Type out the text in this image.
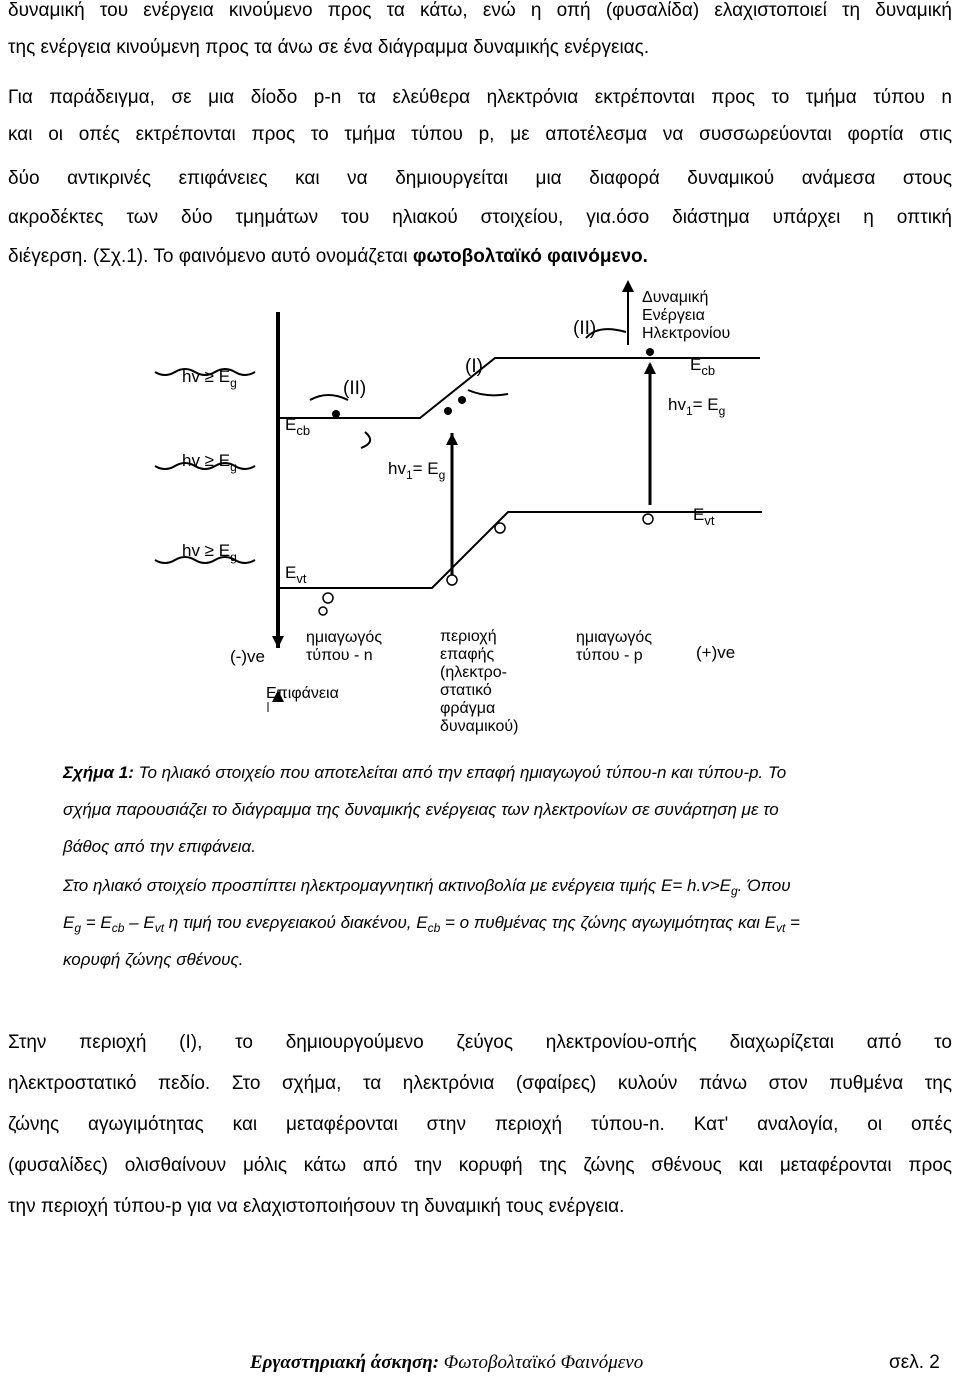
δυναμική του ενέργεια κινούμενο προς τα κάτω, ενώ η οπή (φυσαλίδα) ελαχιστοποιεί τη δυναμική
της ενέργεια κινούμενη προς τα άνω σε ένα διάγραμμα δυναμικής ενέργειας.
Για παράδειγμα, σε μια δίοδο p-n τα ελεύθερα ηλεκτρόνια εκτρέπονται προς το τμήμα τύπου n
και οι οπές εκτρέπονται προς το τμήμα τύπου p, με αποτέλεσμα να συσσωρεύονται φορτία στις
δύο αντικρινές επιφάνειες και να δημιουργείται μια διαφορά δυναμικού ανάμεσα στους
ακροδέκτες των δύο τμημάτων του ηλιακού στοιχείου, για.όσο διάστημα υπάρχει η οπτική
διέγερση. (Σχ.1). Το φαινόμενο αυτό ονομάζεται φωτοβολταϊκό φαινόμενο.
hv ≥ $E_g$
hv ≥ $E_g$
hv ≥ $E_g$
(II)
(I)
(II)
$E_{cb}$
$E_{cb}$
$E_{vt}$
$E_{vt}$
$hv_1= E_g$
$hv_1= E_g$
Δυναμική
Ενέργεια
Ηλεκτρονίου
(-)ve	(+)ve
ημιαγωγός
τύπου - n
ημιαγωγός
τύπου - p
περιοχή
επαφής
(ηλεκτρο-
στατικό
φράγμα
δυναμικού)
Επιφάνεια
Σχήμα 1: Το ηλιακό στοιχείο που αποτελείται από την επαφή ημιαγωγού τύπου-n και τύπου-p. Το
σχήμα παρουσιάζει το διάγραμμα της δυναμικής ενέργειας των ηλεκτρονίων σε συνάρτηση με το
βάθος από την επιφάνεια.
Στο ηλιακό στοιχείο προσπίπτει ηλεκτρομαγνητική ακτινοβολία με ενέργεια τιμής $E= h.v>E_g$. Όπου
$E_g = E_{cb} - E_{vt}$ η τιμή του ενεργειακού διακένου, $E_{cb} = o$ πυθμένας της ζώνης αγωγιμότητας και $E_{vt}$ =
κορυφή ζώνης σθένους.
Στην περιοχή (I), το δημιουργούμενο ζεύγος ηλεκτρονίου-οπής διαχωρίζεται από το
ηλεκτροστατικό πεδίο. Στο σχήμα, τα ηλεκτρόνια (σφαίρες) κυλούν πάνω στον πυθμένα της
ζώνης αγωγιμότητας και μεταφέρονται στην περιοχή τύπου-n. Κατ' αναλογία, οι οπές
(φυσαλίδες) ολισθαίνουν μόλις κάτω από την κορυφή της ζώνης σθένους και μεταφέρονται προς
την περιοχή τύπου-p για να ελαχιστοποιήσουν τη δυναμική τους ενέργεια.
Εργαστηριακή άσκηση: Φωτοβολταϊκό Φαινόμενο	σελ. 2
